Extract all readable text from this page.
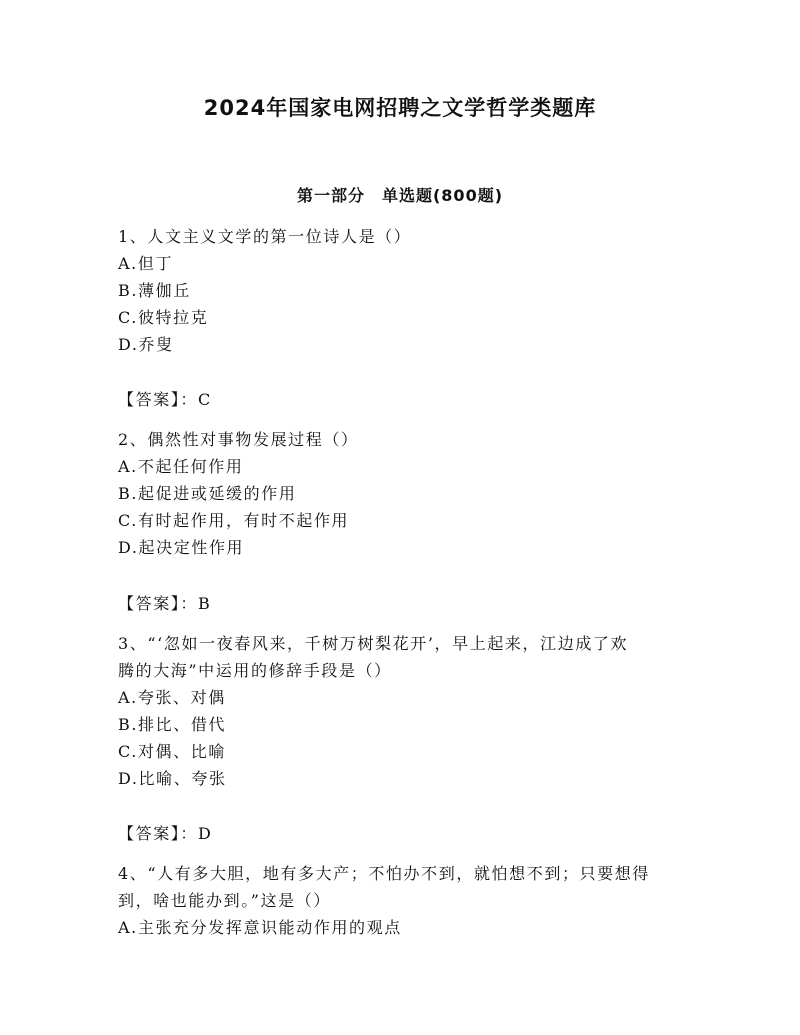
2024年国家电网招聘之文学哲学类题库
第一部分　单选题(800题)
1、人文主义文学的第一位诗人是（）
A.但丁
B.薄伽丘
C.彼特拉克
D.乔叟
【答案】：C
2、偶然性对事物发展过程（）
A.不起任何作用
B.起促进或延缓的作用
C.有时起作用，有时不起作用
D.起决定性作用
【答案】：B
3、“‘忽如一夜春风来，千树万树梨花开’，早上起来，江边成了欢
腾的大海”中运用的修辞手段是（）
A.夸张、对偶
B.排比、借代
C.对偶、比喻
D.比喻、夸张
【答案】：D
4、“人有多大胆，地有多大产；不怕办不到，就怕想不到；只要想得
到，啥也能办到。”这是（）
A.主张充分发挥意识能动作用的观点
